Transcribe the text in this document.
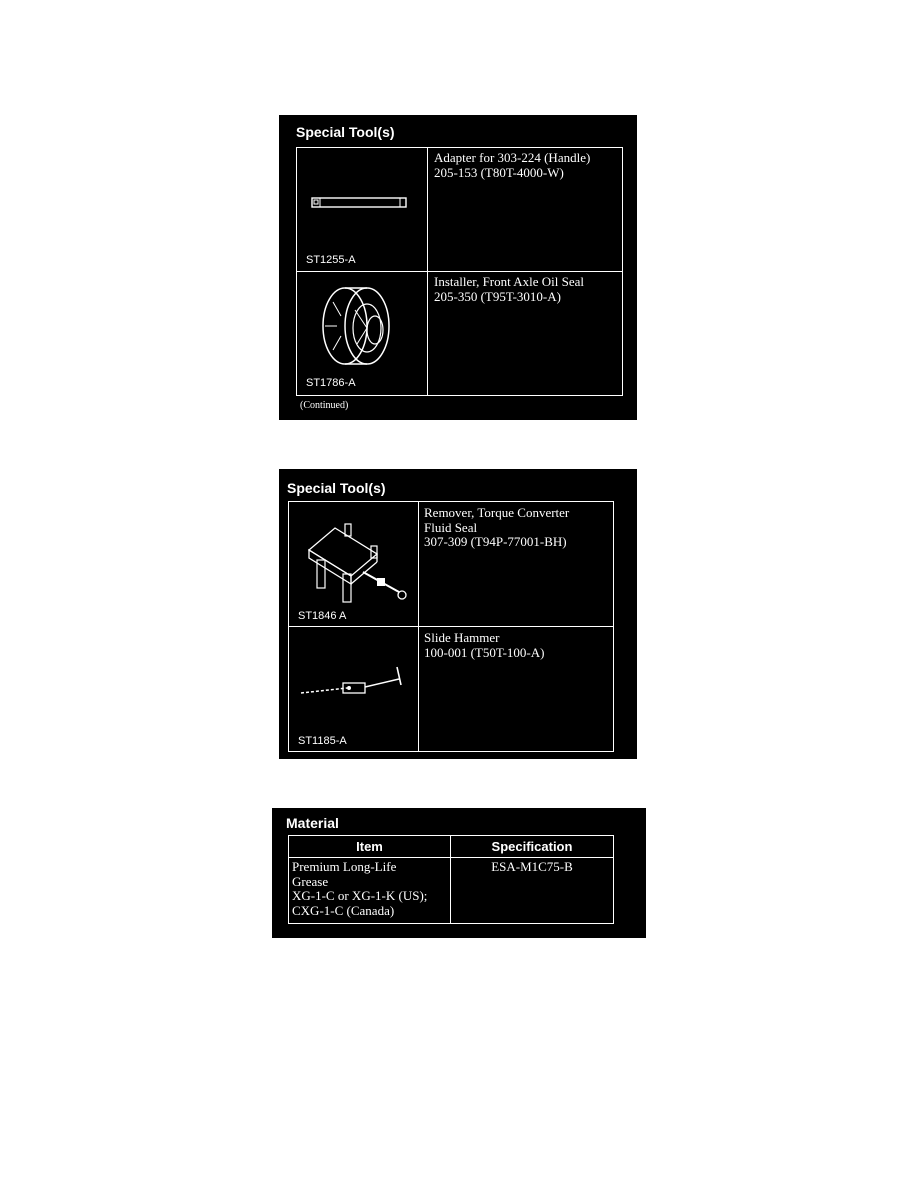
Special Tool(s)
ST1255-A
Adapter for 303-224 (Handle)
205-153 (T80T-4000-W)
ST1786-A
Installer, Front Axle Oil Seal
205-350 (T95T-3010-A)
(Continued)
Special Tool(s)
ST1846 A
Remover, Torque Converter
Fluid Seal
307-309 (T94P-77001-BH)
ST1185-A
Slide Hammer
100-001 (T50T-100-A)
Material
Item	Specification
Premium Long-Life
Grease
XG-1-C or XG-1-K (US);
CXG-1-C (Canada)
ESA-M1C75-B
